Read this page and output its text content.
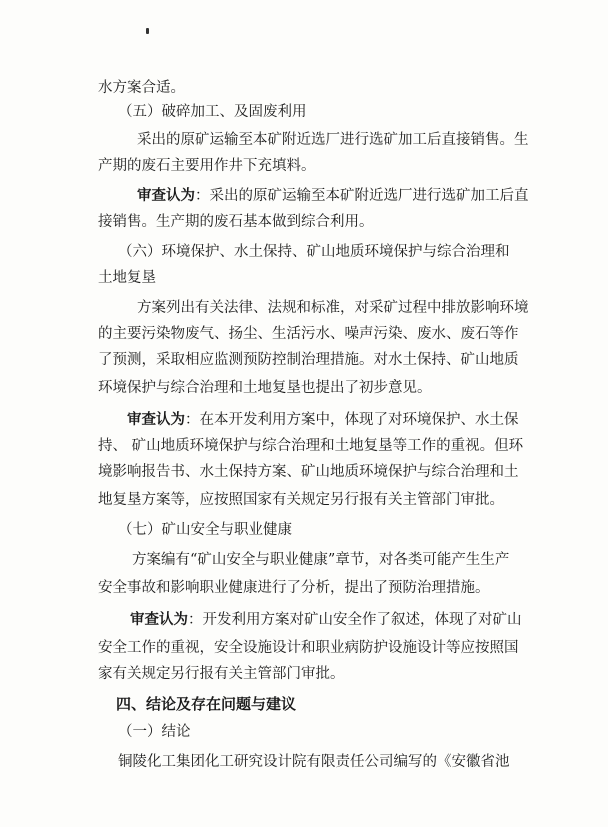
水方案合适。
（五）破碎加工、及固废利用
采出的原矿运输至本矿附近选厂进行选矿加工后直接销售。生
产期的废石主要用作井下充填料。
审查认为：采出的原矿运输至本矿附近选厂进行选矿加工后直
接销售。生产期的废石基本做到综合利用。
（六）环境保护、水土保持、矿山地质环境保护与综合治理和
土地复垦
方案列出有关法律、法规和标准，对采矿过程中排放影响环境
的主要污染物废气、扬尘、生活污水、噪声污染、废水、废石等作
了预测，采取相应监测预防控制治理措施。对水土保持、矿山地质
环境保护与综合治理和土地复垦也提出了初步意见。
审查认为：在本开发利用方案中，体现了对环境保护、水土保
持、 矿山地质环境保护与综合治理和土地复垦等工作的重视。但环
境影响报告书、水土保持方案、矿山地质环境保护与综合治理和土
地复垦方案等，应按照国家有关规定另行报有关主管部门审批。
（七）矿山安全与职业健康
方案编有“矿山安全与职业健康”章节，对各类可能产生生产
安全事故和影响职业健康进行了分析，提出了预防治理措施。
审查认为：开发利用方案对矿山安全作了叙述，体现了对矿山
安全工作的重视，安全设施设计和职业病防护设施设计等应按照国
家有关规定另行报有关主管部门审批。
四、结论及存在问题与建议
（一）结论
铜陵化工集团化工研究设计院有限责任公司编写的《安徽省池
